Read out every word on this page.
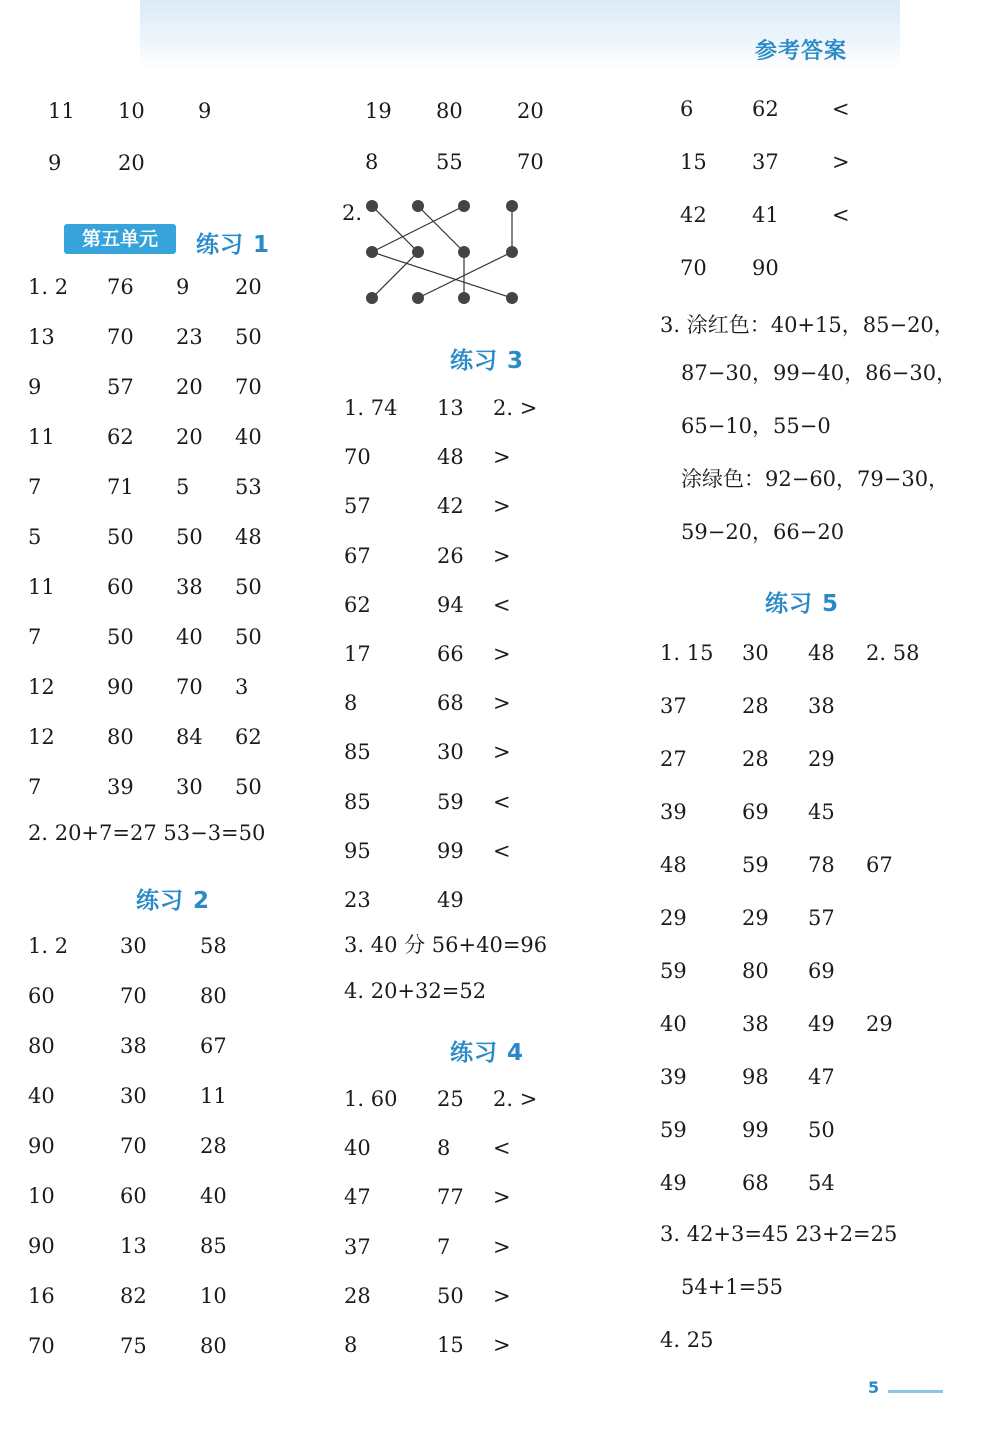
参考答案
11 10	9
9	20
第五单元	练习 1
1. 2 76 9 20
13 70 23 50
9	57 20 70
11 62 20 40
7	71 5 53
5	50 50 48
11 60 38 50
7	50 40 50
12 90 70 3
12 80 84 62
7	39 30 50
2. 20+7=27 53−3=50
练习 2
1. 2 30	58
60	70	80
80	38	67
40	30	11
90	70	28
10	60	40
90	13	85
16	82	10
70	75	80
19 80	20
8	55	70
2.
练习 3
1. 74 13 2. >
70	48 >
57	42 >
67	26 >
62	94 <
17	66 >
8	68 >
85	30 >
85	59 <
95	99 <
23	49
3. 40 分 56+40=96
4. 20+32=52
练习 4
1. 60 25 2. >
40	8 <
47	77 >
37	7 >
28	50 >
8	15 >
6	62	<
15 37	>
42 41	<
70 90
3. 涂红色：40+15，85−20，
87−30，99−40，86−30，
65−10，55−0
涂绿色：92−60，79−30，
59−20，66−20
练习 5
1. 15 30 48 2. 58
37	28 38
27	28 29
39	69 45
48	59 78 67
29	29 57
59	80 69
40	38 49 29
39	98 47
59	99 50
49	68 54
3. 42+3=45 23+2=25
54+1=55
4. 25
5
